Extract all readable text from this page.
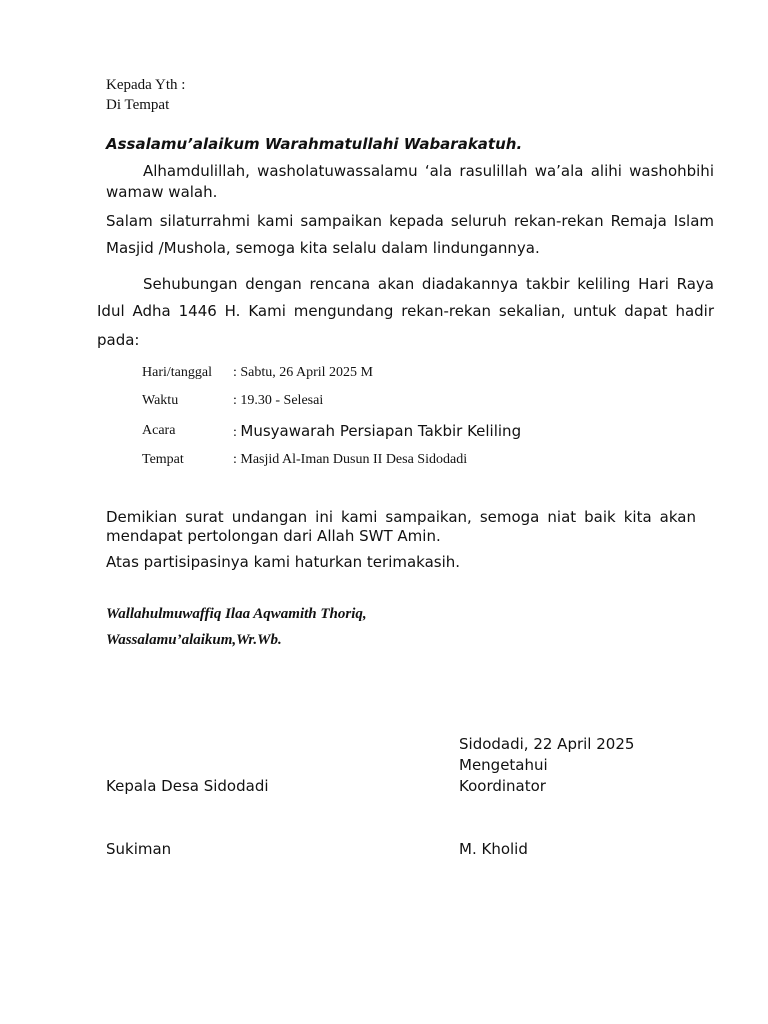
Kepada Yth :
Di Tempat
Assalamu’alaikum Warahmatullahi Wabarakatuh.
Alhamdulillah, washolatuwassalamu ‘ala rasulillah wa’ala alihi washohbihi
wamaw walah.
Salam silaturrahmi kami sampaikan kepada seluruh rekan-rekan Remaja Islam
Masjid /Mushola, semoga kita selalu dalam lindungannya.
Sehubungan dengan rencana akan diadakannya takbir keliling Hari Raya
Idul Adha 1446 H. Kami mengundang rekan-rekan sekalian, untuk dapat hadir
pada:
Hari/tanggal : Sabtu, 26 April 2025 M
Waktu	: 19.30 - Selesai
Acara	: Musyawarah Persiapan Takbir Keliling
Tempat	: Masjid Al-Iman Dusun II Desa Sidodadi
Demikian surat undangan ini kami sampaikan, semoga niat baik kita akan
mendapat pertolongan dari Allah SWT Amin.
Atas partisipasinya kami haturkan terimakasih.
Wallahulmuwaffiq Ilaa Aqwamith Thoriq,
Wassalamu’alaikum,Wr.Wb.
Sidodadi, 22 April 2025
Mengetahui
Kepala Desa Sidodadi	Koordinator
Sukiman	M. Kholid
